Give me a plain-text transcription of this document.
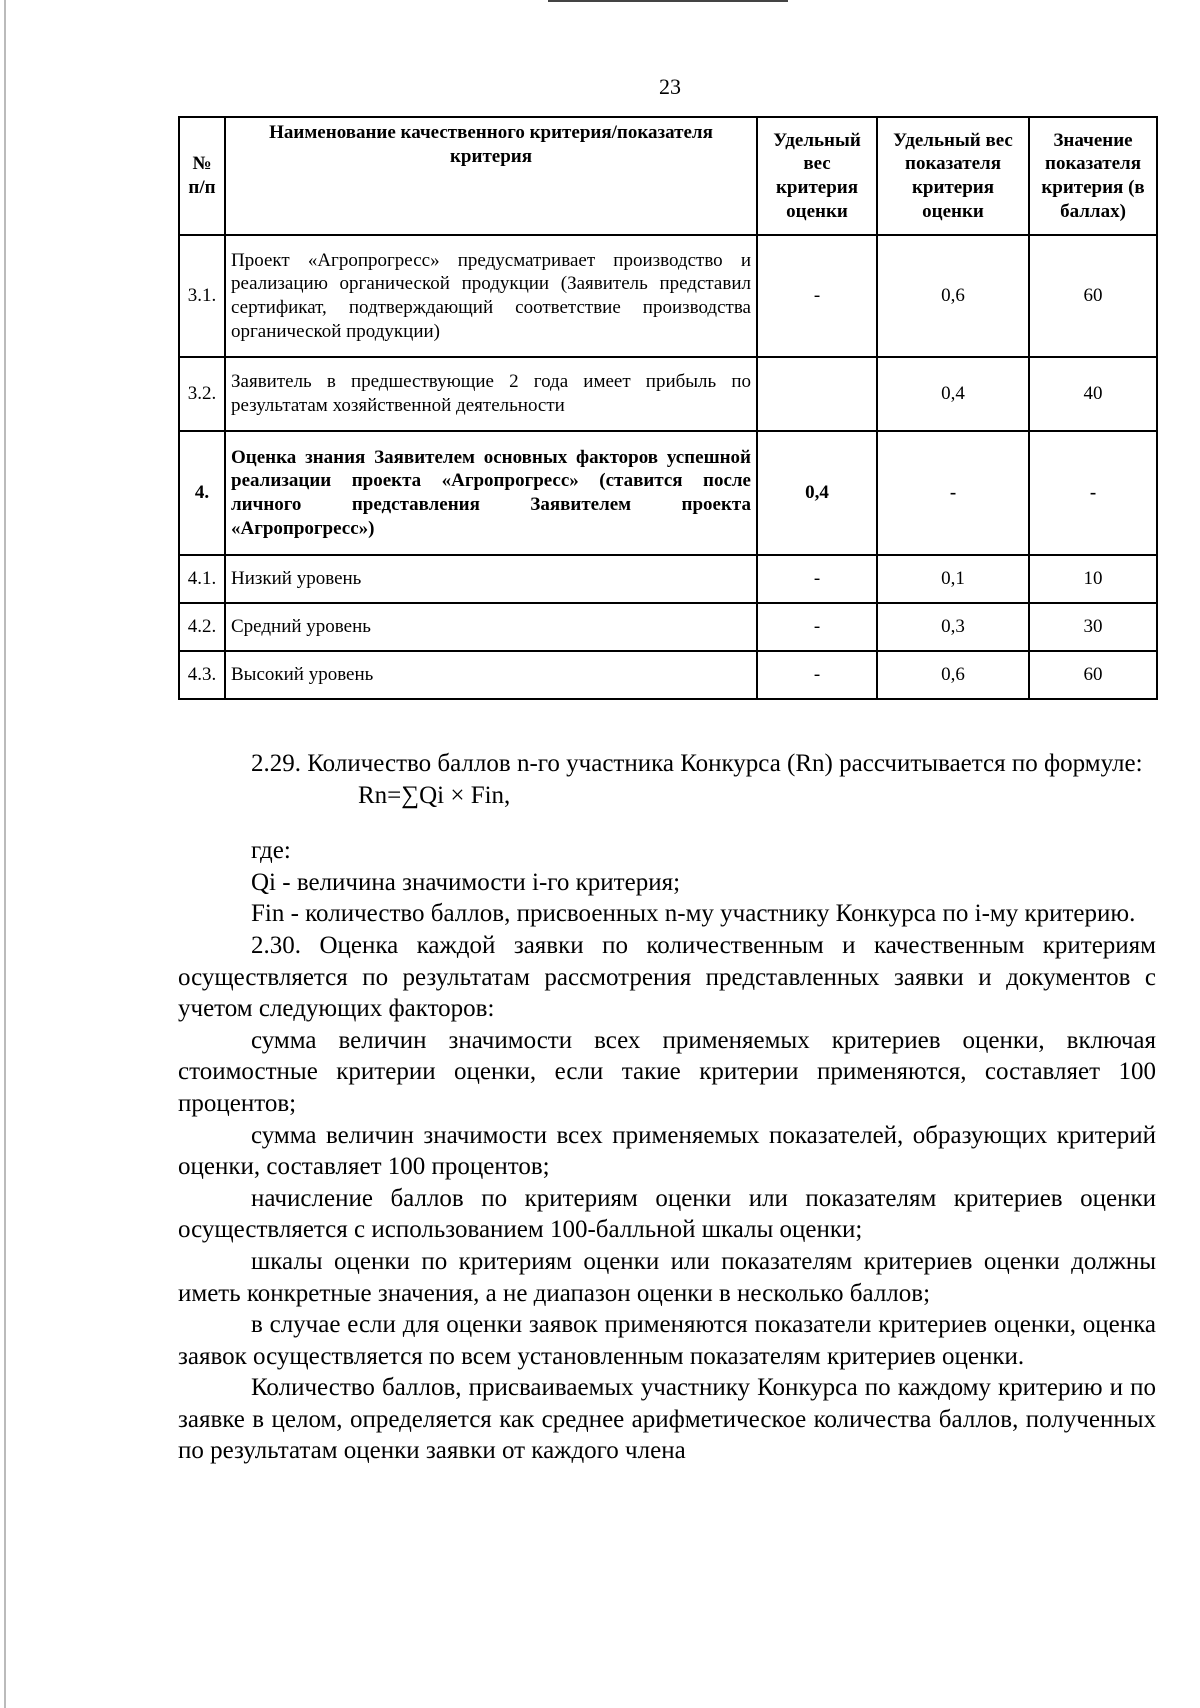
23
№ п/п	Наименование качественного критерия/показателя критерия	Удельный вес критерия оценки	Удельный вес показателя критерия оценки	Значение показателя критерия (в баллах)
3.1.	Проект «Агропрогресс» предусматривает производство и реализацию органической продукции (Заявитель представил сертификат, подтверждающий соответствие производства органической продукции)	-	0,6	60
3.2.	Заявитель в предшествующие 2 года имеет прибыль по результатам хозяйственной деятельности		0,4	40
4.	Оценка знания Заявителем основных факторов успешной реализации проекта «Агропрогресс» (ставится после личного представления Заявителем проекта «Агропрогресс»)	0,4	-	-
4.1.	Низкий уровень	-	0,1	10
4.2.	Средний уровень	-	0,3	30
4.3.	Высокий уровень	-	0,6	60

2.29. Количество баллов n-го участника Конкурса (Rn) рассчитывается по формуле:

Rn=∑Qi × Fin,

где:

Qi - величина значимости i-го критерия;

Fin - количество баллов, присвоенных n-му участнику Конкурса по i-му критерию.

2.30. Оценка каждой заявки по количественным и качественным критериям осуществляется по результатам рассмотрения представленных заявки и документов с учетом следующих факторов:

сумма величин значимости всех применяемых критериев оценки, включая стоимостные критерии оценки, если такие критерии применяются, составляет 100 процентов;

сумма величин значимости всех применяемых показателей, образующих критерий оценки, составляет 100 процентов;

начисление баллов по критериям оценки или показателям критериев оценки осуществляется с использованием 100-балльной шкалы оценки;

шкалы оценки по критериям оценки или показателям критериев оценки должны иметь конкретные значения, а не диапазон оценки в несколько баллов;

в случае если для оценки заявок применяются показатели критериев оценки, оценка заявок осуществляется по всем установленным показателям критериев оценки.

Количество баллов, присваиваемых участнику Конкурса по каждому критерию и по заявке в целом, определяется как среднее арифметическое количества баллов, полученных по результатам оценки заявки от каждого члена
